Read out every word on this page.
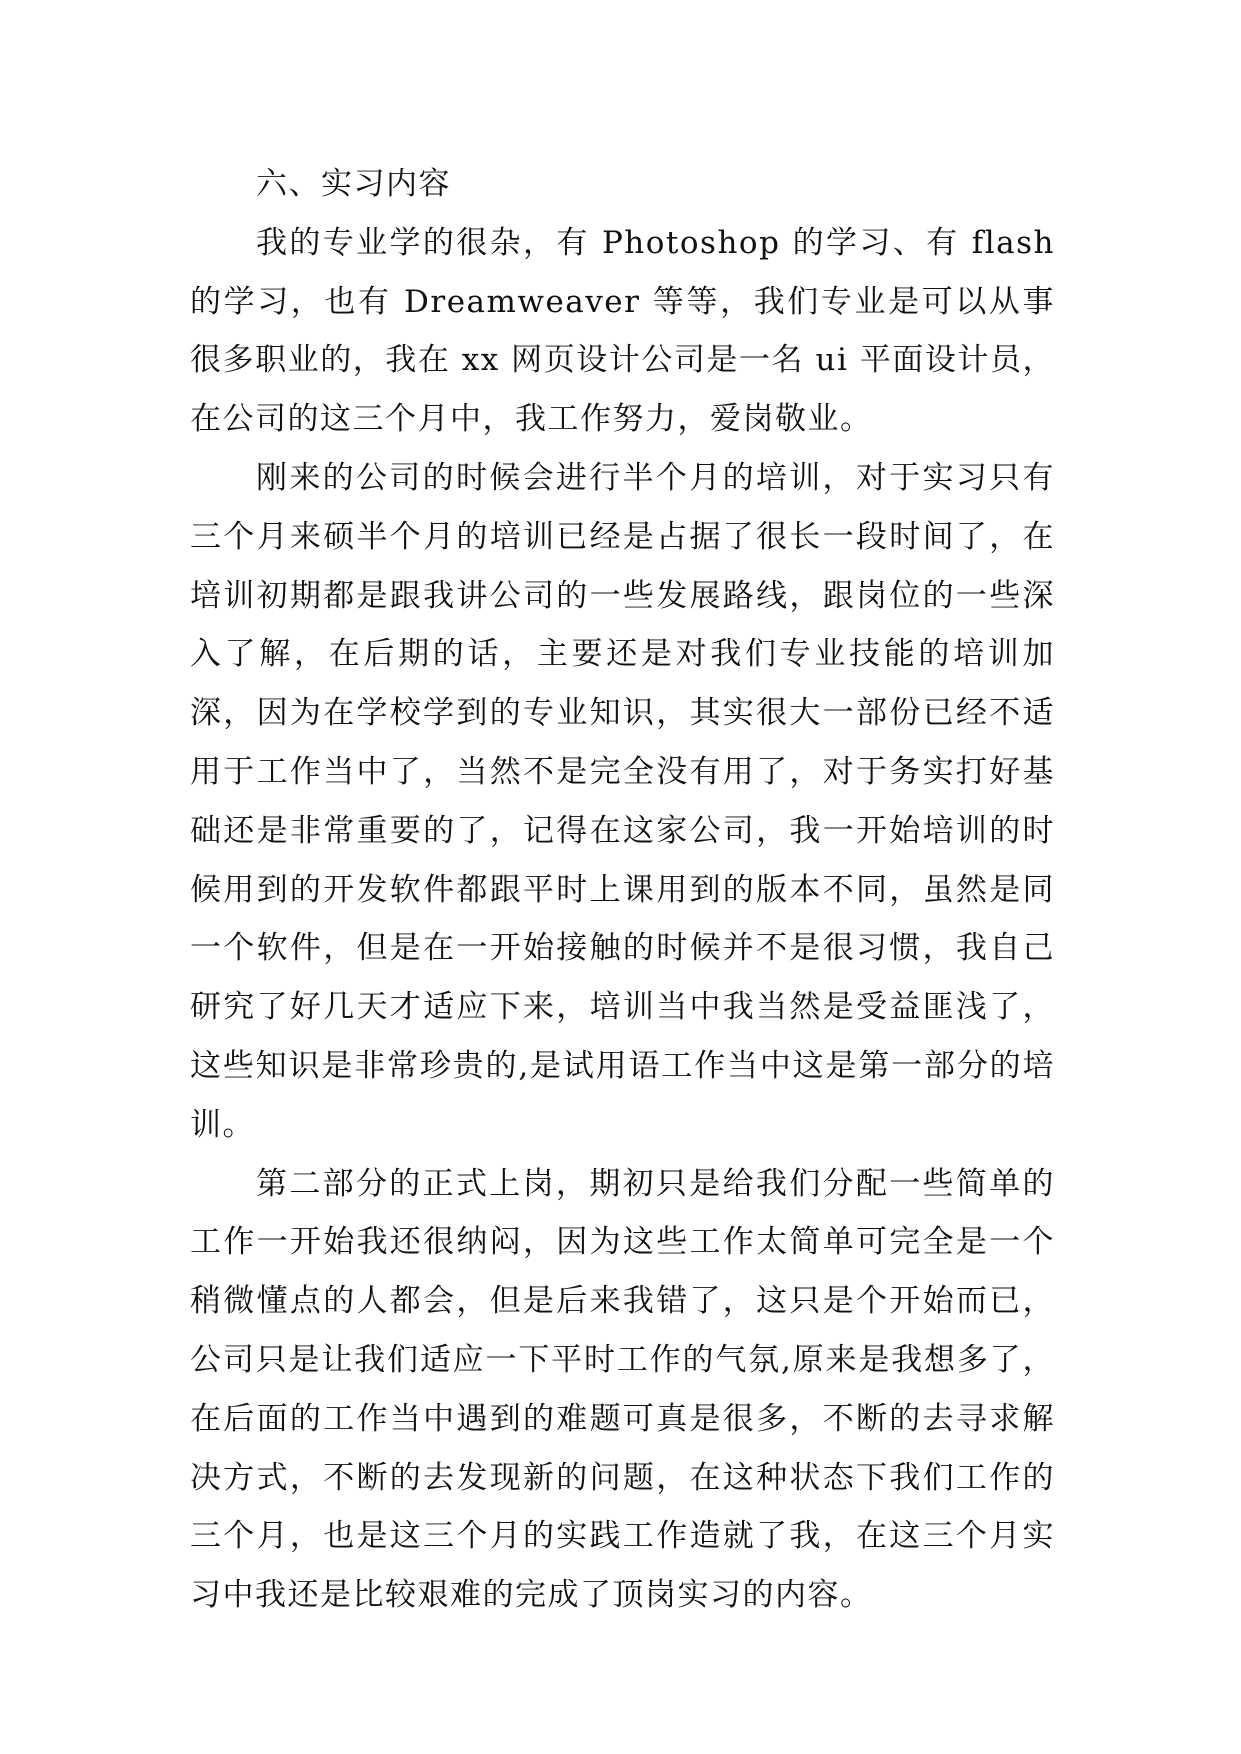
六、实习内容

我的专业学的很杂，有 Photoshop 的学习、有 flash 的学习，也有 Dreamweaver 等等，我们专业是可以从事很多职业的，我在 xx 网页设计公司是一名 ui 平面设计员，在公司的这三个月中，我工作努力，爱岗敬业。

刚来的公司的时候会进行半个月的培训，对于实习只有三个月来硕半个月的培训已经是占据了很长一段时间了，在培训初期都是跟我讲公司的一些发展路线，跟岗位的一些深入了解，在后期的话，主要还是对我们专业技能的培训加深，因为在学校学到的专业知识，其实很大一部份已经不适用于工作当中了，当然不是完全没有用了，对于务实打好基础还是非常重要的了，记得在这家公司，我一开始培训的时候用到的开发软件都跟平时上课用到的版本不同，虽然是同一个软件，但是在一开始接触的时候并不是很习惯，我自己研究了好几天才适应下来，培训当中我当然是受益匪浅了，这些知识是非常珍贵的,是试用语工作当中这是第一部分的培训。

第二部分的正式上岗，期初只是给我们分配一些简单的工作一开始我还很纳闷，因为这些工作太简单可完全是一个稍微懂点的人都会，但是后来我错了，这只是个开始而已，公司只是让我们适应一下平时工作的气氛,原来是我想多了，在后面的工作当中遇到的难题可真是很多，不断的去寻求解决方式，不断的去发现新的问题，在这种状态下我们工作的三个月，也是这三个月的实践工作造就了我，在这三个月实习中我还是比较艰难的完成了顶岗实习的内容。
